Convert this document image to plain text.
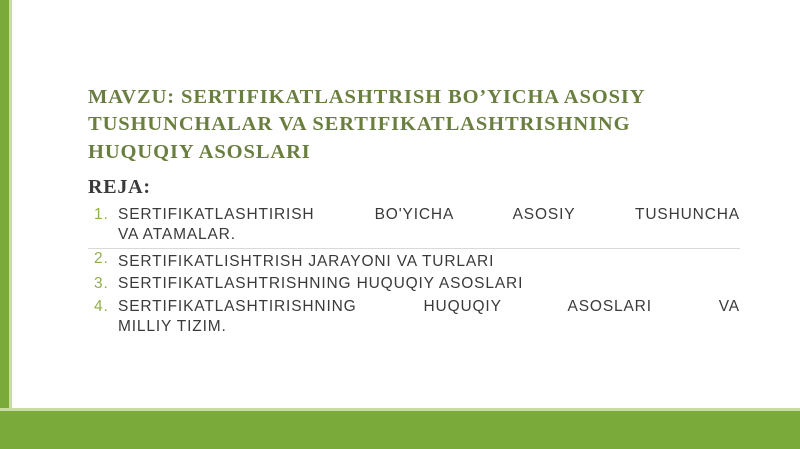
MAVZU: SERTIFIKATLASHTRISH BO’YICHA ASOSIY TUSHUNCHALAR VA SERTIFIKATLASHTRISHNING HUQUQIY ASOSLARI
REJA:
SERTIFIKATLASHTIRISH BO'YICHA ASOSIY TUSHUNCHA
VA ATAMALAR.
SERTIFIKATLISHTRISH JARAYONI VA TURLARI
SERTIFIKATLASHTRISHNING HUQUQIY ASOSLARI
SERTIFIKATLASHTIRISHNING HUQUQIY ASOSLARI VA
MILLIY TIZIM.
